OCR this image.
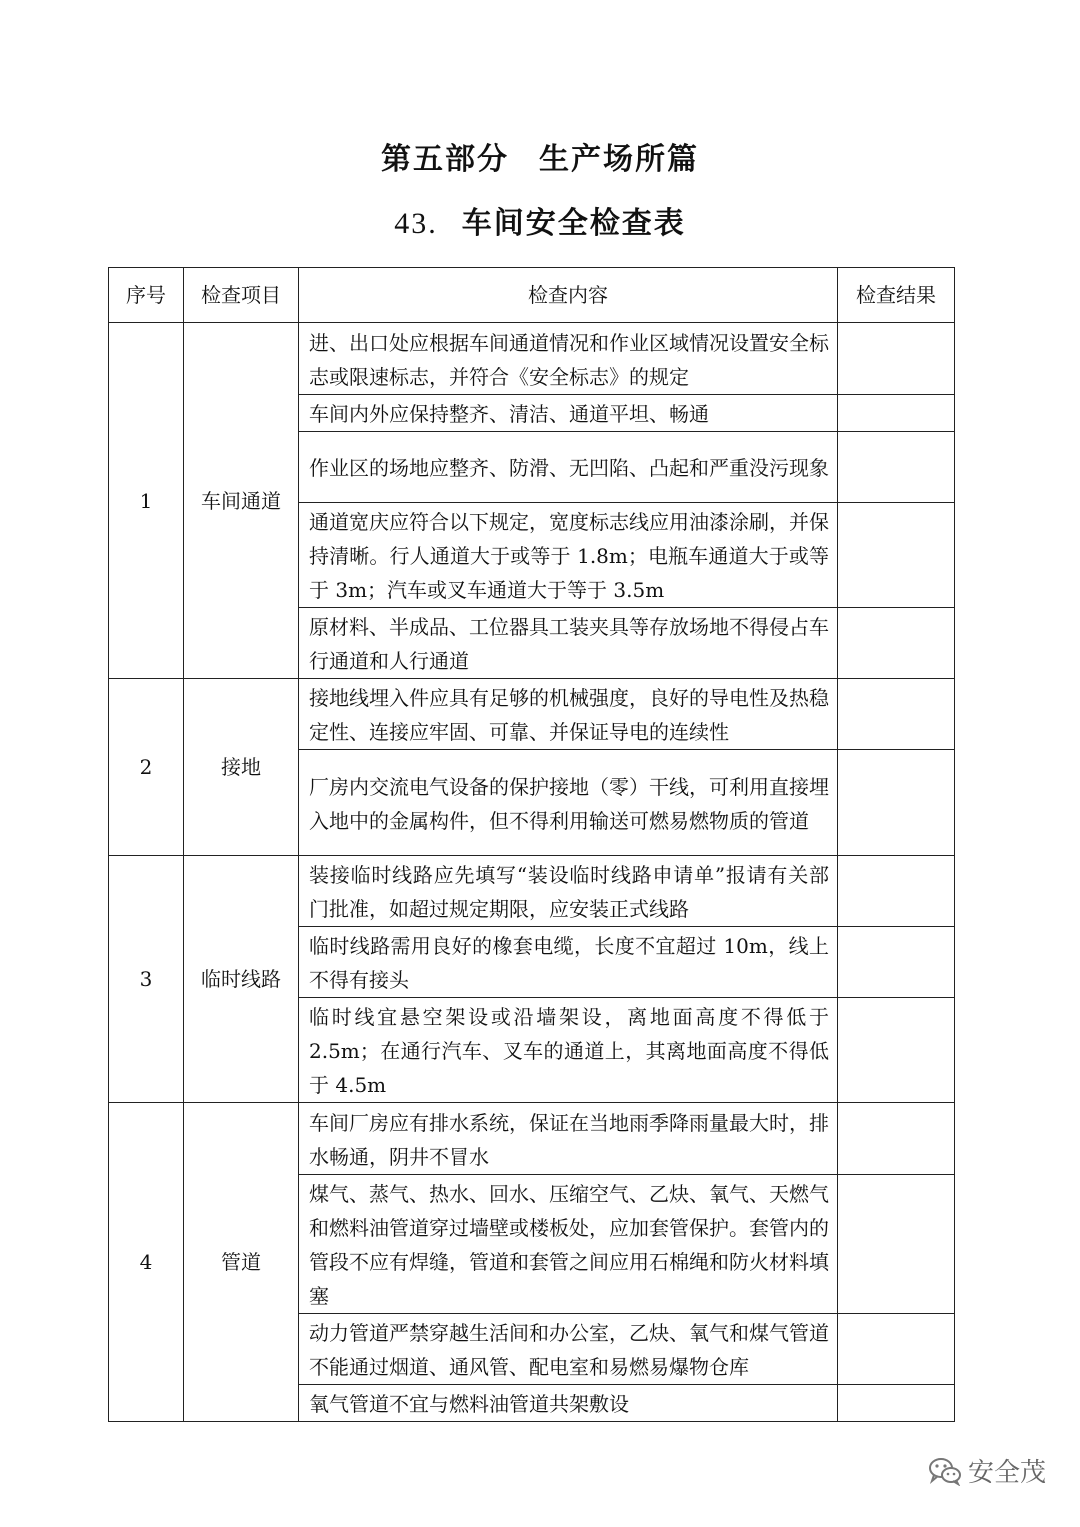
第五部分 生产场所篇
43. 车间安全检查表
序号	检查项目	检查内容	检查结果
1	车间通道	进、出口处应根据车间通道情况和作业区域情况设置安全标志或限速标志，并符合《安全标志》的规定	
		车间内外应保持整齐、清洁、通道平坦、畅通	
		作业区的场地应整齐、防滑、无凹陷、凸起和严重没污现象	
		通道宽庆应符合以下规定，宽度标志线应用油漆涂刷，并保持清晰。行人通道大于或等于 1.8m；电瓶车通道大于或等于 3m；汽车或叉车通道大于等于 3.5m	
		原材料、半成品、工位器具工装夹具等存放场地不得侵占车行通道和人行通道	
2	接地	接地线埋入件应具有足够的机械强度，良好的导电性及热稳定性、连接应牢固、可靠、并保证导电的连续性	
		厂房内交流电气设备的保护接地（零）干线，可利用直接埋入地中的金属构件，但不得利用输送可燃易燃物质的管道	
3	临时线路	装接临时线路应先填写“装设临时线路申请单”报请有关部门批准，如超过规定期限，应安装正式线路	
		临时线路需用良好的橡套电缆，长度不宜超过 10m，线上不得有接头	
		临时线宜悬空架设或沿墙架设，离地面高度不得低于 2.5m；在通行汽车、叉车的通道上，其离地面高度不得低于 4.5m	
4	管道	车间厂房应有排水系统，保证在当地雨季降雨量最大时，排水畅通，阴井不冒水	
		煤气、蒸气、热水、回水、压缩空气、乙炔、氧气、天燃气和燃料油管道穿过墙壁或楼板处，应加套管保护。套管内的管段不应有焊缝，管道和套管之间应用石棉绳和防火材料填塞	
		动力管道严禁穿越生活间和办公室，乙炔、氧气和煤气管道不能通过烟道、通风管、配电室和易燃易爆物仓库	
		氧气管道不宜与燃料油管道共架敷设	
安全茂
